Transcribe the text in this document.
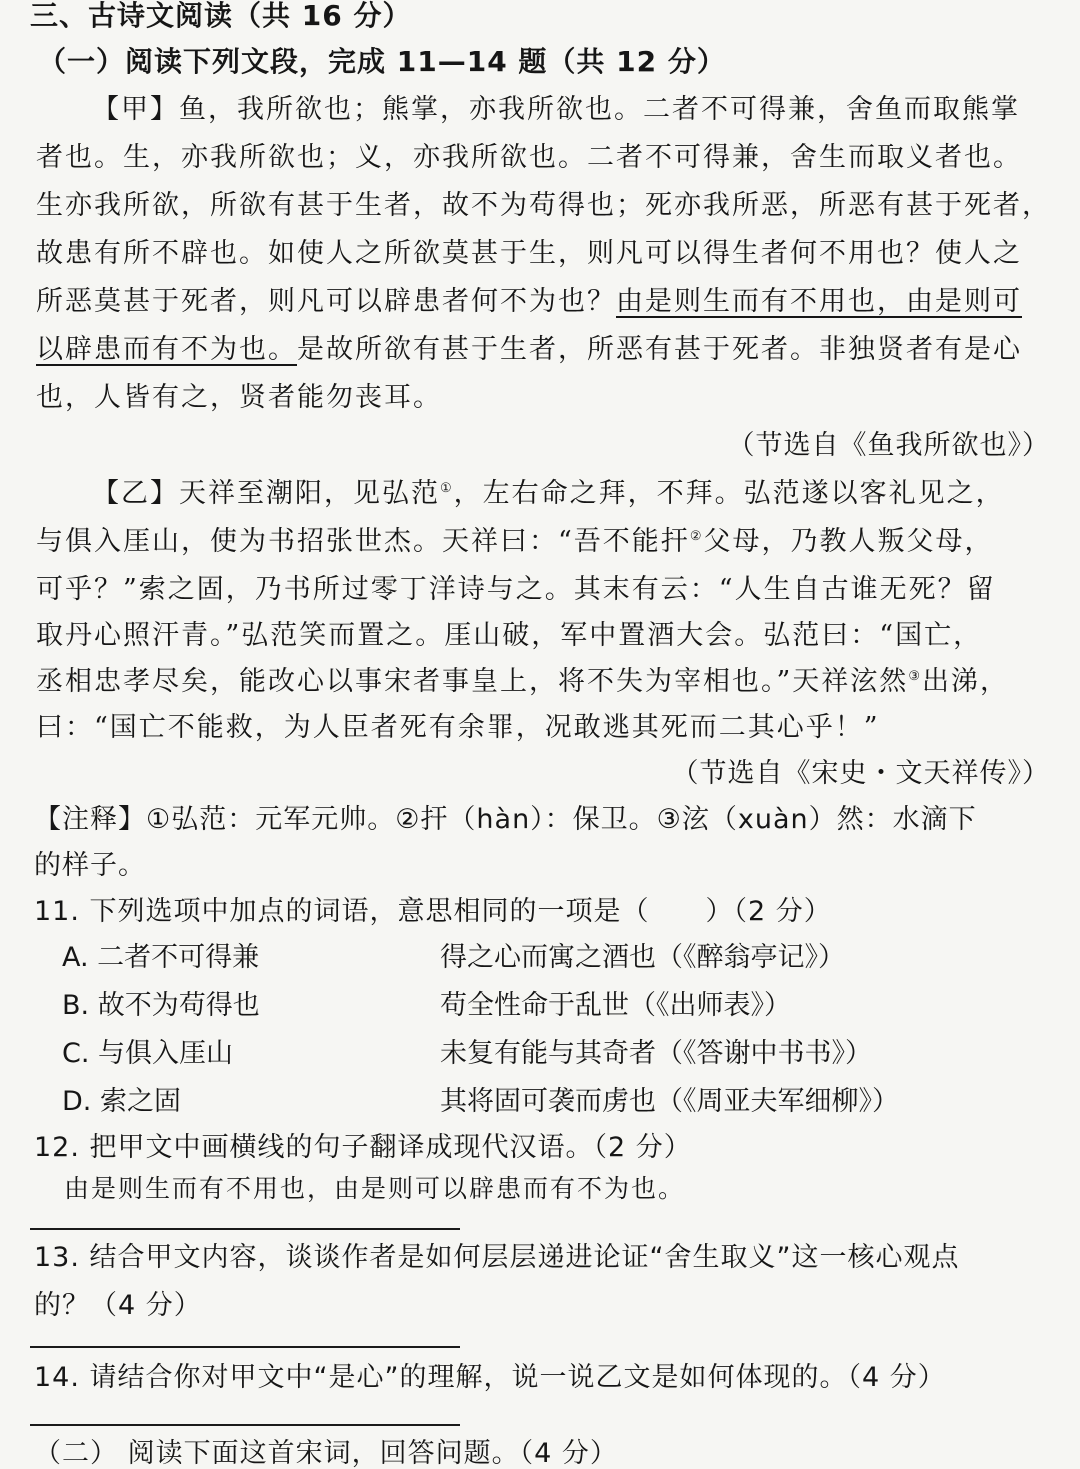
三、古诗文阅读（共 16 分）
（一）阅读下列文段，完成 11—14 题（共 12 分）
【甲】鱼，我所欲也；熊掌，亦我所欲也。二者不可得兼，舍鱼而取熊掌
者也。生，亦我所欲也；义，亦我所欲也。二者不可得兼，舍生而取义者也。
生亦我所欲，所欲有甚于生者，故不为苟得也；死亦我所恶，所恶有甚于死者，
故患有所不辟也。如使人之所欲莫甚于生，则凡可以得生者何不用也？使人之
所恶莫甚于死者，则凡可以辟患者何不为也？由是则生而有不用也，由是则可
以辟患而有不为也。是故所欲有甚于生者，所恶有甚于死者。非独贤者有是心
也，人皆有之，贤者能勿丧耳。
（节选自《鱼我所欲也》）
【乙】天祥至潮阳，见弘范①，左右命之拜，不拜。弘范遂以客礼见之，
与俱入厓山，使为书招张世杰。天祥曰：“吾不能扞②父母，乃教人叛父母，
可乎？”索之固，乃书所过零丁洋诗与之。其末有云：“人生自古谁无死？留
取丹心照汗青。”弘范笑而置之。厓山破，军中置酒大会。弘范曰：“国亡，
丞相忠孝尽矣，能改心以事宋者事皇上，将不失为宰相也。”天祥泫然③出涕，
曰：“国亡不能救，为人臣者死有余罪，况敢逃其死而二其心乎！”
（节选自《宋史・文天祥传》）
【注释】①弘范：元军元帅。②扞（hàn）：保卫。③泫（xuàn）然：水滴下
的样子。
11. 下列选项中加点的词语，意思相同的一项是（　　）（2 分）
A. 二者不可得兼	得之心而寓之酒也（《醉翁亭记》）
B. 故不为苟得也	苟全性命于乱世（《出师表》）
C. 与俱入厓山	未复有能与其奇者（《答谢中书书》）
D. 索之固	其将固可袭而虏也（《周亚夫军细柳》）
12. 把甲文中画横线的句子翻译成现代汉语。（2 分）
由是则生而有不用也，由是则可以辟患而有不为也。
13. 结合甲文内容，谈谈作者是如何层层递进论证“舍生取义”这一核心观点
的？（4 分）
14. 请结合你对甲文中“是心”的理解，说一说乙文是如何体现的。（4 分）
（二） 阅读下面这首宋词，回答问题。（4 分）
